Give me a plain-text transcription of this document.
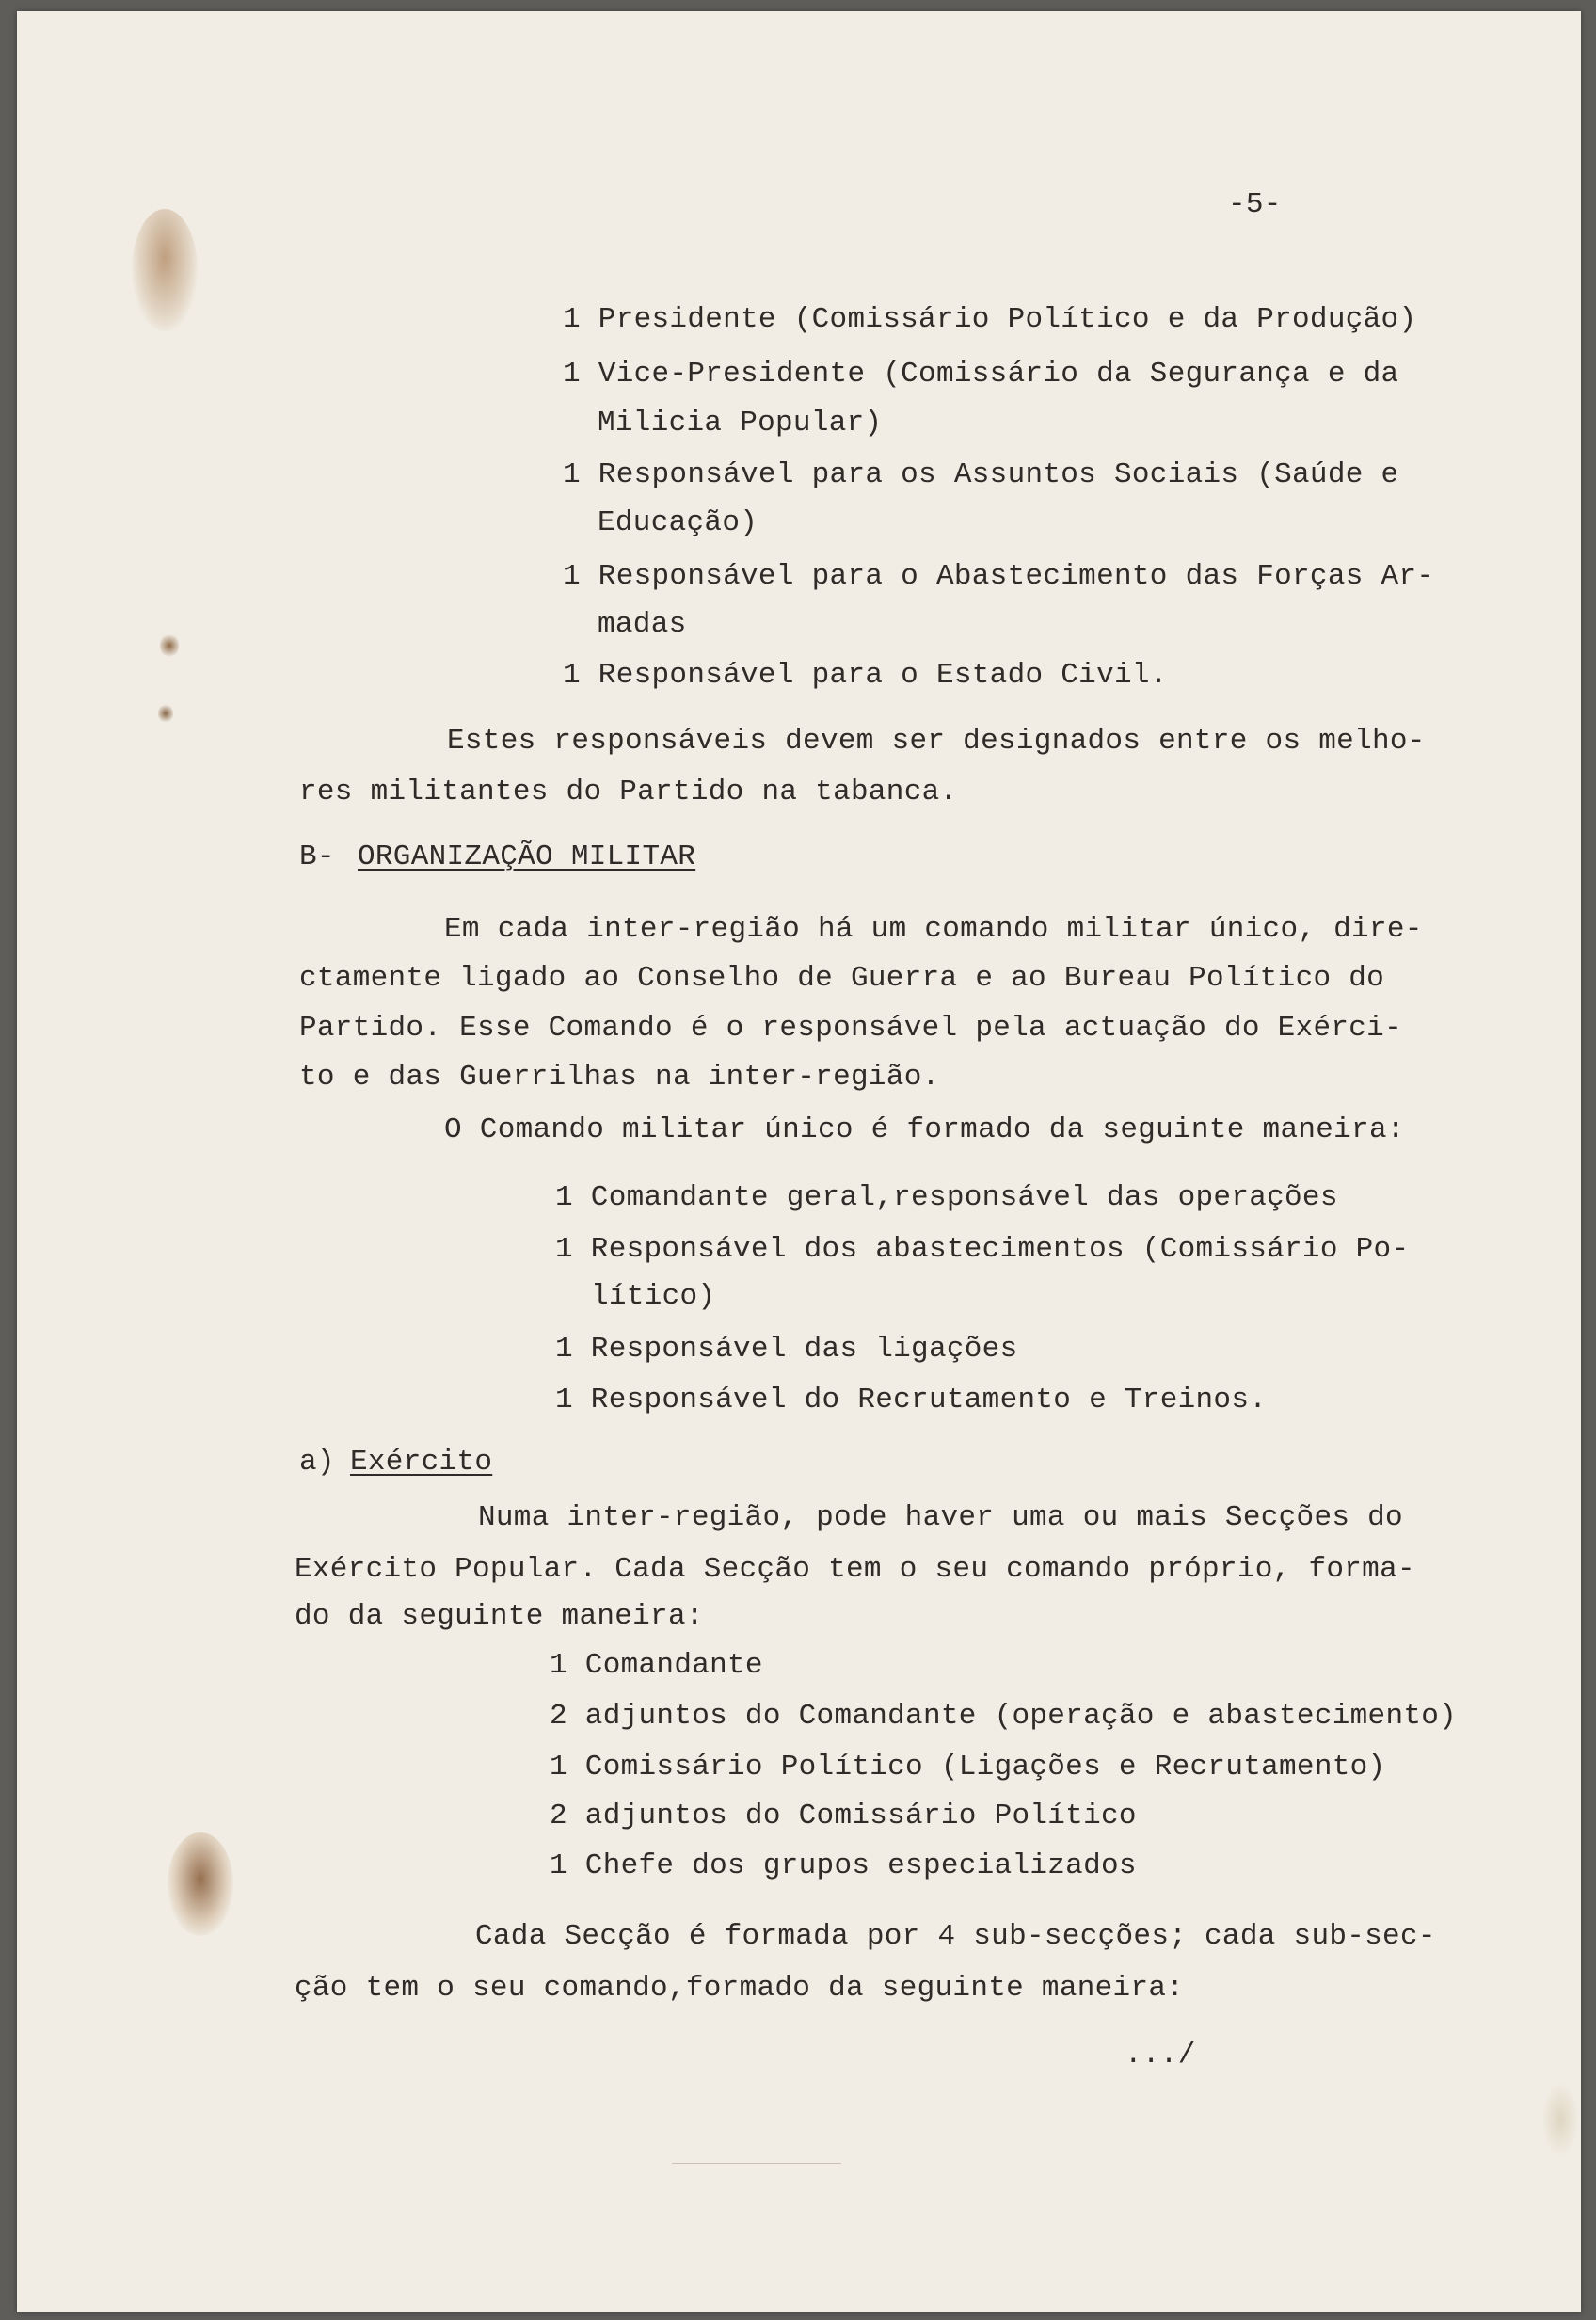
-5-

1 Presidente (Comissário Político e da Produção)

1 Vice-Presidente (Comissário da Segurança e da

Milicia Popular)

1 Responsável para os Assuntos Sociais (Saúde e

Educação)

1 Responsável para o Abastecimento das Forças Ar-

madas

1 Responsável para o Estado Civil.

Estes responsáveis devem ser designados entre os melho-

res militantes do Partido na tabanca.

B- ORGANIZAÇÃO MILITAR

Em cada inter-região há um comando militar único, dire-

ctamente ligado ao Conselho de Guerra e ao Bureau Político do

Partido. Esse Comando é o responsável pela actuação do Exérci-

to e das Guerrilhas na inter-região.

O Comando militar único é formado da seguinte maneira:

1 Comandante geral,responsável das operações

1 Responsável dos abastecimentos (Comissário Po-

lítico)

1 Responsável das ligações

1 Responsável do Recrutamento e Treinos.

a) Exército

Numa inter-região, pode haver uma ou mais Secções do

Exército Popular. Cada Secção tem o seu comando próprio, forma-

do da seguinte maneira:

1 Comandante

2 adjuntos do Comandante (operação e abastecimento)

1 Comissário Político (Ligações e Recrutamento)

2 adjuntos do Comissário Político

1 Chefe dos grupos especializados

Cada Secção é formada por 4 sub-secções; cada sub-sec-

ção tem o seu comando,formado da seguinte maneira:

.../
